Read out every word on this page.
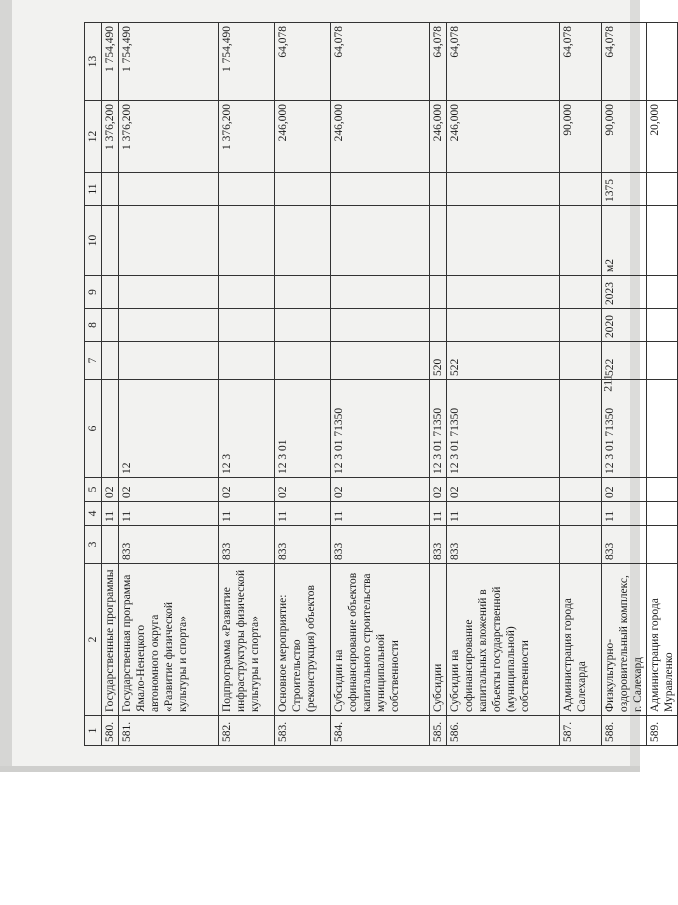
211
1	2	3	4	5	6	7	8	9	10	11	12	13
580.	Государственные программы		11	02							1 376,200	1 754,490
581.	Государственная программа Ямало-Ненецкого автономного округа «Развитие физической культуры и спорта»	833	11	02	12						1 376,200	1 754,490
582.	Подпрограмма «Развитие инфраструктуры физической культуры и спорта»	833	11	02	12 3						1 376,200	1 754,490
583.	Основное мероприятие: Строительство (реконструкция) объектов	833	11	02	12 3 01						246,000	64,078
584.	Субсидии на софинансирование объектов капитального строительства муниципальной собственности	833	11	02	12 3 01 71350						246,000	64,078
585.	Субсидии	833	11	02	12 3 01 71350	520					246,000	64,078
586.	Субсидии на софинансирование капитальных вложений в объекты государственной (муниципальной) собственности	833	11	02	12 3 01 71350	522					246,000	64,078
587.	Администрация города Салехарда										90,000	64,078
588.	Физкультурно-оздоровительный комплекс, г. Салехард	833	11	02	12 3 01 71350	522	2020	2023	м2	1375	90,000	64,078
589.	Администрация города Муравленко										20,000	
